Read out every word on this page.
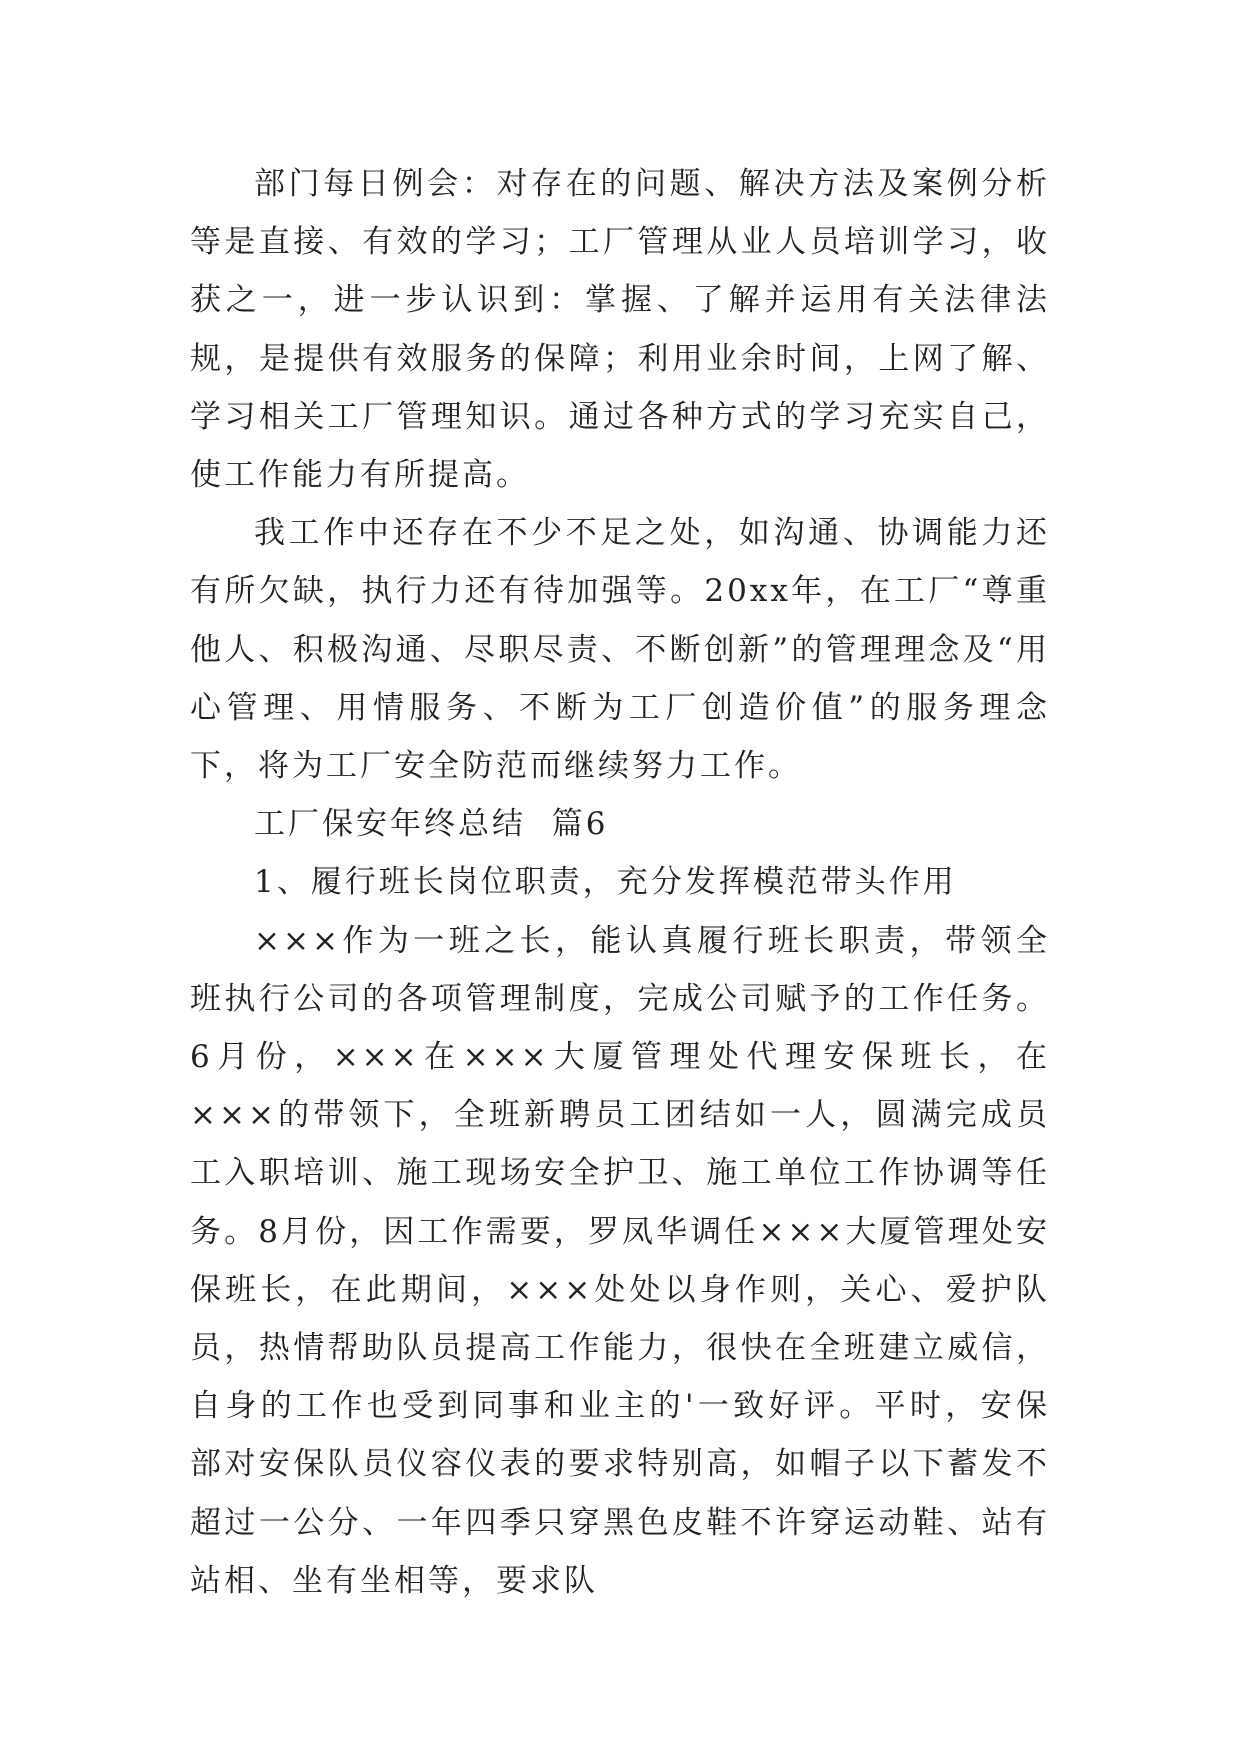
部门每日例会：对存在的问题、解决方法及案例分析等是直接、有效的学习；工厂管理从业人员培训学习，收获之一，进一步认识到：掌握、了解并运用有关法律法规，是提供有效服务的保障；利用业余时间，上网了解、学习相关工厂管理知识。通过各种方式的学习充实自己，使工作能力有所提高。

我工作中还存在不少不足之处，如沟通、协调能力还有所欠缺，执行力还有待加强等。20xx年，在工厂“尊重他人、积极沟通、尽职尽责、不断创新”的管理理念及“用心管理、用情服务、不断为工厂创造价值”的服务理念下，将为工厂安全防范而继续努力工作。

工厂保安年终总结  篇6

1、履行班长岗位职责，充分发挥模范带头作用

×××作为一班之长，能认真履行班长职责，带领全班执行公司的各项管理制度，完成公司赋予的工作任务。6月份，×××在×××大厦管理处代理安保班长，在×××的带领下，全班新聘员工团结如一人，圆满完成员工入职培训、施工现场安全护卫、施工单位工作协调等任务。8月份，因工作需要，罗凤华调任×××大厦管理处安保班长，在此期间，×××处处以身作则，关心、爱护队员，热情帮助队员提高工作能力，很快在全班建立威信，自身的工作也受到同事和业主的'一致好评。平时，安保部对安保队员仪容仪表的要求特别高，如帽子以下蓄发不超过一公分、一年四季只穿黑色皮鞋不许穿运动鞋、站有站相、坐有坐相等，要求队
